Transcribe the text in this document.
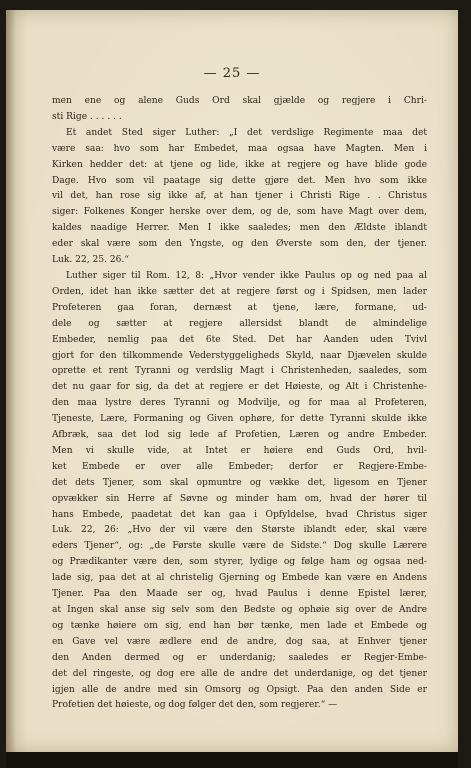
— 25 —
men ene og alene Guds Ord skal gjælde og regjere i Chri-
sti Rige . . . . . .
Et andet Sted siger Luther: „I det verdslige Regimente maa det
være saa: hvo som har Embedet, maa ogsaa have Magten. Men i
Kirken hedder det: at tjene og lide, ikke at regjere og have blide gode
Dage. Hvo som vil paatage sig dette gjøre det. Men hvo som ikke
vil det, han rose sig ikke af, at han tjener i Christi Rige . . Christus
siger: Folkenes Konger herske over dem, og de, som have Magt over dem,
kaldes naadige Herrer. Men I ikke saaledes; men den Ældste iblandt
eder skal være som den Yngste, og den Øverste som den, der tjener.
Luk. 22, 25. 26.“
Luther siger til Rom. 12, 8: „Hvor vender ikke Paulus op og ned paa al
Orden, idet han ikke sætter det at regjere først og i Spidsen, men lader
Profeteren gaa foran, dernæst at tjene, lære, formane, ud-
dele og sætter at regjere allersidst blandt de almindelige
Embeder, nemlig paa det 6te Sted. Det har Aanden uden Tvivl
gjort for den tilkommende Vederstyggeligheds Skyld, naar Djævelen skulde
oprette et rent Tyranni og verdslig Magt i Christenheden, saaledes, som
det nu gaar for sig, da det at regjere er det Høieste, og Alt i Christenhe-
den maa lystre deres Tyranni og Modvilje, og for maa al Profeteren,
Tjeneste, Lære, Formaning og Given ophøre, for dette Tyranni skulde ikke
Afbræk, saa det lod sig lede af Profetien, Læren og andre Embeder.
Men vi skulle vide, at Intet er høiere end Guds Ord, hvil-
ket Embede er over alle Embeder; derfor er Regjere-Embe-
det dets Tjener, som skal opmuntre og vække det, ligesom en Tjener
opvækker sin Herre af Søvne og minder ham om, hvad der hører til
hans Embede, paadetat det kan gaa i Opfyldelse, hvad Christus siger
Luk. 22, 26: „Hvo der vil være den Største iblandt eder, skal være
eders Tjener“, og: „de Første skulle være de Sidste.“ Dog skulle Lærere
og Prædikanter være den, som styrer, lydige og følge ham og ogsaa ned-
lade sig, paa det at al christelig Gjerning og Embede kan være en Andens
Tjener. Paa den Maade ser og, hvad Paulus i denne Epistel lærer,
at Ingen skal anse sig selv som den Bedste og ophøie sig over de Andre
og tænke høiere om sig, end han bør tænke, men lade et Embede og
en Gave vel være ædlere end de andre, dog saa, at Enhver tjener
den Anden dermed og er underdanig; saaledes er Regjer-Embe-
det del ringeste, og dog ere alle de andre det underdanige, og det tjener
igjen alle de andre med sin Omsorg og Opsigt. Paa den anden Side er
Profetien det høieste, og dog følger det den, som regjerer.“ —
